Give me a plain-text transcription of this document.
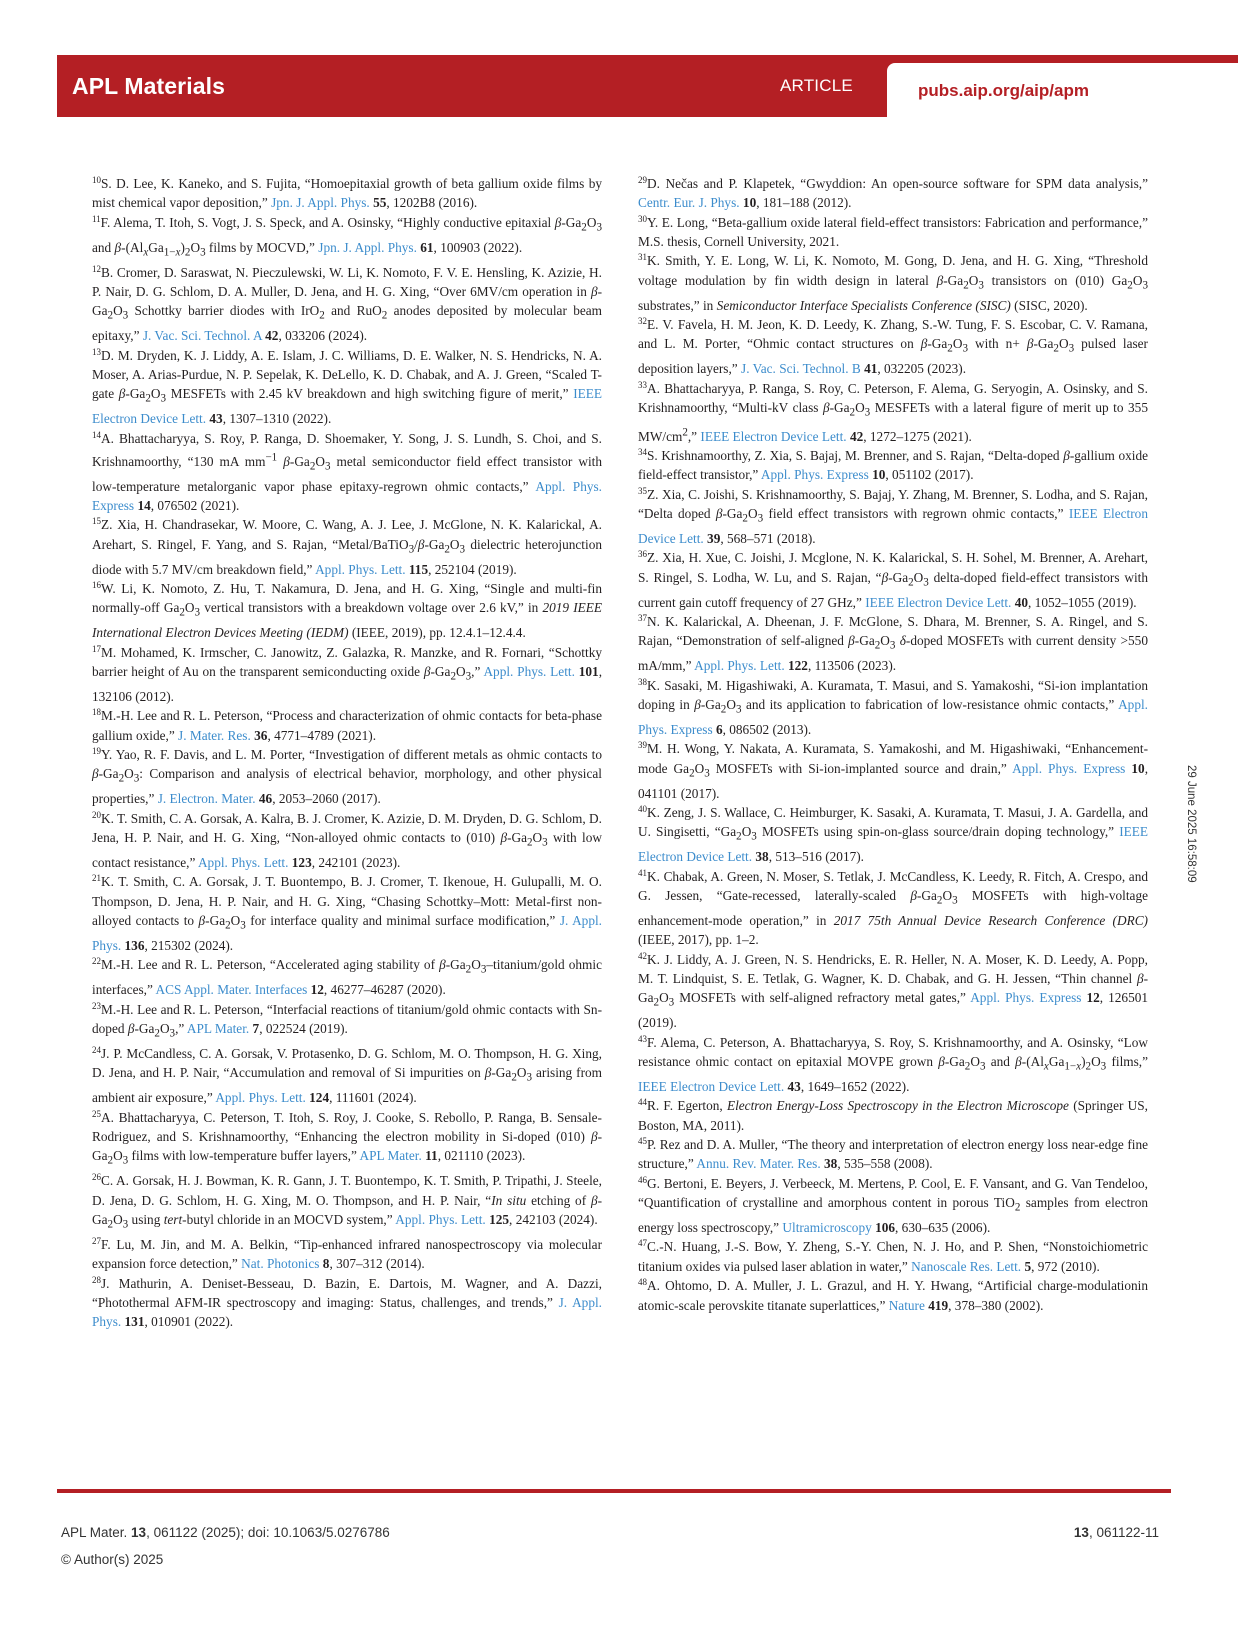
APL Materials	ARTICLE	pubs.aip.org/aip/apm
$^{10}$S. D. Lee, K. Kaneko, and S. Fujita, “Homoepitaxial growth of beta gallium oxide films by mist chemical vapor deposition,” Jpn. J. Appl. Phys. 55, 1202B8 (2016).
$^{11}$F. Alema, T. Itoh, S. Vogt, J. S. Speck, and A. Osinsky, “Highly conductive epitaxial $\beta-Ga_2O_3$ and $\beta-(Al_xGa_{1-x})_2O_3$ films by MOCVD,” Jpn. J. Appl. Phys. 61, 100903 (2022).
$^{12}$B. Cromer, D. Saraswat, N. Pieczulewski, W. Li, K. Nomoto, F. V. E. Hensling, K. Azizie, H. P. Nair, D. G. Schlom, D. A. Muller, D. Jena, and H. G. Xing, “Over 6MV/cm operation in $\beta-Ga_2O_3$ Schottky barrier diodes with IrO$_2$ and RuO$_2$ anodes deposited by molecular beam epitaxy,” J. Vac. Sci. Technol. A 42, 033206 (2024).
$^{13}$D. M. Dryden, K. J. Liddy, A. E. Islam, J. C. Williams, D. E. Walker, N. S. Hendricks, N. A. Moser, A. Arias-Purdue, N. P. Sepelak, K. DeLello, K. D. Chabak, and A. J. Green, “Scaled T-gate $\beta-Ga_2O_3$ MESFETs with 2.45 kV breakdown and high switching figure of merit,” IEEE Electron Device Lett. 43, 1307–1310 (2022).
$^{14}$A. Bhattacharyya, S. Roy, P. Ranga, D. Shoemaker, Y. Song, J. S. Lundh, S. Choi, and S. Krishnamoorthy, “130 mA $mm^{-1}$ $\beta-Ga_2O_3$ metal semiconductor field effect transistor with low-temperature metalorganic vapor phase epitaxy-regrown ohmic contacts,” Appl. Phys. Express 14, 076502 (2021).
$^{15}$Z. Xia, H. Chandrasekar, W. Moore, C. Wang, A. J. Lee, J. McGlone, N. K. Kalarickal, A. Arehart, S. Ringel, F. Yang, and S. Rajan, “$Metal/BaTiO_3/\beta-Ga_2O_3$ dielectric heterojunction diode with 5.7 MV/cm breakdown field,” Appl. Phys. Lett. 115, 252104 (2019).
$^{16}$W. Li, K. Nomoto, Z. Hu, T. Nakamura, D. Jena, and H. G. Xing, “Single and multi-fin normally-off $Ga_2O_3$ vertical transistors with a breakdown voltage over 2.6 kV,” in 2019 IEEE International Electron Devices Meeting (IEDM) (IEEE, 2019), pp. 12.4.1–12.4.4.
$^{17}$M. Mohamed, K. Irmscher, C. Janowitz, Z. Galazka, R. Manzke, and R. Fornari, “Schottky barrier height of Au on the transparent semiconducting oxide $\beta-Ga_2O_3$,” Appl. Phys. Lett. 101, 132106 (2012).
$^{18}$M.-H. Lee and R. L. Peterson, “Process and characterization of ohmic contacts for beta-phase gallium oxide,” J. Mater. Res. 36, 4771–4789 (2021).
$^{19}$Y. Yao, R. F. Davis, and L. M. Porter, “Investigation of different metals as ohmic contacts to $\beta-Ga_2O_3$: Comparison and analysis of electrical behavior, morphology, and other physical properties,” J. Electron. Mater. 46, 2053–2060 (2017).
$^{20}$K. T. Smith, C. A. Gorsak, A. Kalra, B. J. Cromer, K. Azizie, D. M. Dryden, D. G. Schlom, D. Jena, H. P. Nair, and H. G. Xing, “Non-alloyed ohmic contacts to (010) $\beta-Ga_2O_3$ with low contact resistance,” Appl. Phys. Lett. 123, 242101 (2023).
$^{21}$K. T. Smith, C. A. Gorsak, J. T. Buontempo, B. J. Cromer, T. Ikenoue, H. Gulupalli, M. O. Thompson, D. Jena, H. P. Nair, and H. G. Xing, “Chasing Schottky–Mott: Metal-first non-alloyed contacts to $\beta-Ga_2O_3$ for interface quality and minimal surface modification,” J. Appl. Phys. 136, 215302 (2024).
$^{22}$M.-H. Lee and R. L. Peterson, “Accelerated aging stability of $\beta-Ga_2O_3-titanium$/gold ohmic interfaces,” ACS Appl. Mater. Interfaces 12, 46277–46287 (2020).
$^{23}$M.-H. Lee and R. L. Peterson, “Interfacial reactions of titanium/gold ohmic contacts with Sn-doped $\beta-Ga_2O_3$,” APL Mater. 7, 022524 (2019).
$^{24}$J. P. McCandless, C. A. Gorsak, V. Protasenko, D. G. Schlom, M. O. Thompson, H. G. Xing, D. Jena, and H. P. Nair, “Accumulation and removal of Si impurities on $\beta-Ga_2O_3$ arising from ambient air exposure,” Appl. Phys. Lett. 124, 111601 (2024).
$^{25}$A. Bhattacharyya, C. Peterson, T. Itoh, S. Roy, J. Cooke, S. Rebollo, P. Ranga, B. Sensale-Rodriguez, and S. Krishnamoorthy, “Enhancing the electron mobility in Si-doped (010) $\beta-Ga_2O_3$ films with low-temperature buffer layers,” APL Mater. 11, 021110 (2023).
$^{26}$C. A. Gorsak, H. J. Bowman, K. R. Gann, J. T. Buontempo, K. T. Smith, P. Tripathi, J. Steele, D. Jena, D. G. Schlom, H. G. Xing, M. O. Thompson, and H. P. Nair, “In situ etching of $\beta-Ga_2O_3$ using tert-butyl chloride in an MOCVD system,” Appl. Phys. Lett. 125, 242103 (2024).
$^{27}$F. Lu, M. Jin, and M. A. Belkin, “Tip-enhanced infrared nanospectroscopy via molecular expansion force detection,” Nat. Photonics 8, 307–312 (2014).
$^{28}$J. Mathurin, A. Deniset-Besseau, D. Bazin, E. Dartois, M. Wagner, and A. Dazzi, “Photothermal AFM-IR spectroscopy and imaging: Status, challenges, and trends,” J. Appl. Phys. 131, 010901 (2022).
$^{29}$D. Nečas and P. Klapetek, “Gwyddion: An open-source software for SPM data analysis,” Centr. Eur. J. Phys. 10, 181–188 (2012).
$^{30}$Y. E. Long, “Beta-gallium oxide lateral field-effect transistors: Fabrication and performance,” M.S. thesis, Cornell University, 2021.
$^{31}$K. Smith, Y. E. Long, W. Li, K. Nomoto, M. Gong, D. Jena, and H. G. Xing, “Threshold voltage modulation by fin width design in lateral $\beta-Ga_2O_3$ transistors on (010) $Ga_2O_3$ substrates,” in Semiconductor Interface Specialists Conference (SISC) (SISC, 2020).
$^{32}$E. V. Favela, H. M. Jeon, K. D. Leedy, K. Zhang, S.-W. Tung, F. S. Escobar, C. V. Ramana, and L. M. Porter, “Ohmic contact structures on $\beta-Ga_2O_3$ with $n+ \beta-Ga_2O_3$ pulsed laser deposition layers,” J. Vac. Sci. Technol. B 41, 032205 (2023).
$^{33}$A. Bhattacharyya, P. Ranga, S. Roy, C. Peterson, F. Alema, G. Seryogin, A. Osinsky, and S. Krishnamoorthy, “Multi-kV class $\beta-Ga_2O_3$ MESFETs with a lateral figure of merit up to 355 $MW/cm^2$,” IEEE Electron Device Lett. 42, 1272–1275 (2021).
$^{34}$S. Krishnamoorthy, Z. Xia, S. Bajaj, M. Brenner, and S. Rajan, “Delta-doped β-gallium oxide field-effect transistor,” Appl. Phys. Express 10, 051102 (2017).
$^{35}$Z. Xia, C. Joishi, S. Krishnamoorthy, S. Bajaj, Y. Zhang, M. Brenner, S. Lodha, and S. Rajan, “Delta doped $\beta-Ga_2O_3$ field effect transistors with regrown ohmic contacts,” IEEE Electron Device Lett. 39, 568–571 (2018).
$^{36}$Z. Xia, H. Xue, C. Joishi, J. Mcglone, N. K. Kalarickal, S. H. Sohel, M. Brenner, A. Arehart, S. Ringel, S. Lodha, W. Lu, and S. Rajan, “$\beta-Ga_2O_3$ delta-doped field-effect transistors with current gain cutoff frequency of 27 GHz,” IEEE Electron Device Lett. 40, 1052–1055 (2019).
$^{37}$N. K. Kalarickal, A. Dheenan, J. F. McGlone, S. Dhara, M. Brenner, S. A. Ringel, and S. Rajan, “Demonstration of self-aligned $\beta-Ga_2O_3$ δ-doped MOSFETs with current density >550 mA/mm,” Appl. Phys. Lett. 122, 113506 (2023).
$^{38}$K. Sasaki, M. Higashiwaki, A. Kuramata, T. Masui, and S. Yamakoshi, “Si-ion implantation doping in $\beta-Ga_2O_3$ and its application to fabrication of low-resistance ohmic contacts,” Appl. Phys. Express 6, 086502 (2013).
$^{39}$M. H. Wong, Y. Nakata, A. Kuramata, S. Yamakoshi, and M. Higashiwaki, “Enhancement-mode $Ga_2O_3$ MOSFETs with Si-ion-implanted source and drain,” Appl. Phys. Express 10, 041101 (2017).
$^{40}$K. Zeng, J. S. Wallace, C. Heimburger, K. Sasaki, A. Kuramata, T. Masui, J. A. Gardella, and U. Singisetti, “$Ga_2O_3$ MOSFETs using spin-on-glass source/drain doping technology,” IEEE Electron Device Lett. 38, 513–516 (2017).
$^{41}$K. Chabak, A. Green, N. Moser, S. Tetlak, J. McCandless, K. Leedy, R. Fitch, A. Crespo, and G. Jessen, “Gate-recessed, laterally-scaled $\beta-Ga_2O_3$ MOSFETs with high-voltage enhancement-mode operation,” in 2017 75th Annual Device Research Conference (DRC) (IEEE, 2017), pp. 1–2.
$^{42}$K. J. Liddy, A. J. Green, N. S. Hendricks, E. R. Heller, N. A. Moser, K. D. Leedy, A. Popp, M. T. Lindquist, S. E. Tetlak, G. Wagner, K. D. Chabak, and G. H. Jessen, “Thin channel $\beta-Ga_2O_3$ MOSFETs with self-aligned refractory metal gates,” Appl. Phys. Express 12, 126501 (2019).
$^{43}$F. Alema, C. Peterson, A. Bhattacharyya, S. Roy, S. Krishnamoorthy, and A. Osinsky, “Low resistance ohmic contact on epitaxial MOVPE grown $\beta-Ga_2O_3$ and $\beta-(Al_xGa_{1-x})_2O_3$ films,” IEEE Electron Device Lett. 43, 1649–1652 (2022).
$^{44}$R. F. Egerton, Electron Energy-Loss Spectroscopy in the Electron Microscope (Springer US, Boston, MA, 2011).
$^{45}$P. Rez and D. A. Muller, “The theory and interpretation of electron energy loss near-edge fine structure,” Annu. Rev. Mater. Res. 38, 535–558 (2008).
$^{46}$G. Bertoni, E. Beyers, J. Verbeeck, M. Mertens, P. Cool, E. F. Vansant, and G. Van Tendeloo, “Quantification of crystalline and amorphous content in porous TiO$_2$ samples from electron energy loss spectroscopy,” Ultramicroscopy 106, 630–635 (2006).
$^{47}$C.-N. Huang, J.-S. Bow, Y. Zheng, S.-Y. Chen, N. J. Ho, and P. Shen, “Nonstoichiometric titanium oxides via pulsed laser ablation in water,” Nanoscale Res. Lett. 5, 972 (2010).
$^{48}$A. Ohtomo, D. A. Muller, J. L. Grazul, and H. Y. Hwang, “Artificial charge-modulationin atomic-scale perovskite titanate superlattices,” Nature 419, 378–380 (2002).
29 June 2025 16:58:09
APL Mater. 13, 061122 (2025); doi: 10.1063/5.0276786
© Author(s) 2025
13, 061122-11
